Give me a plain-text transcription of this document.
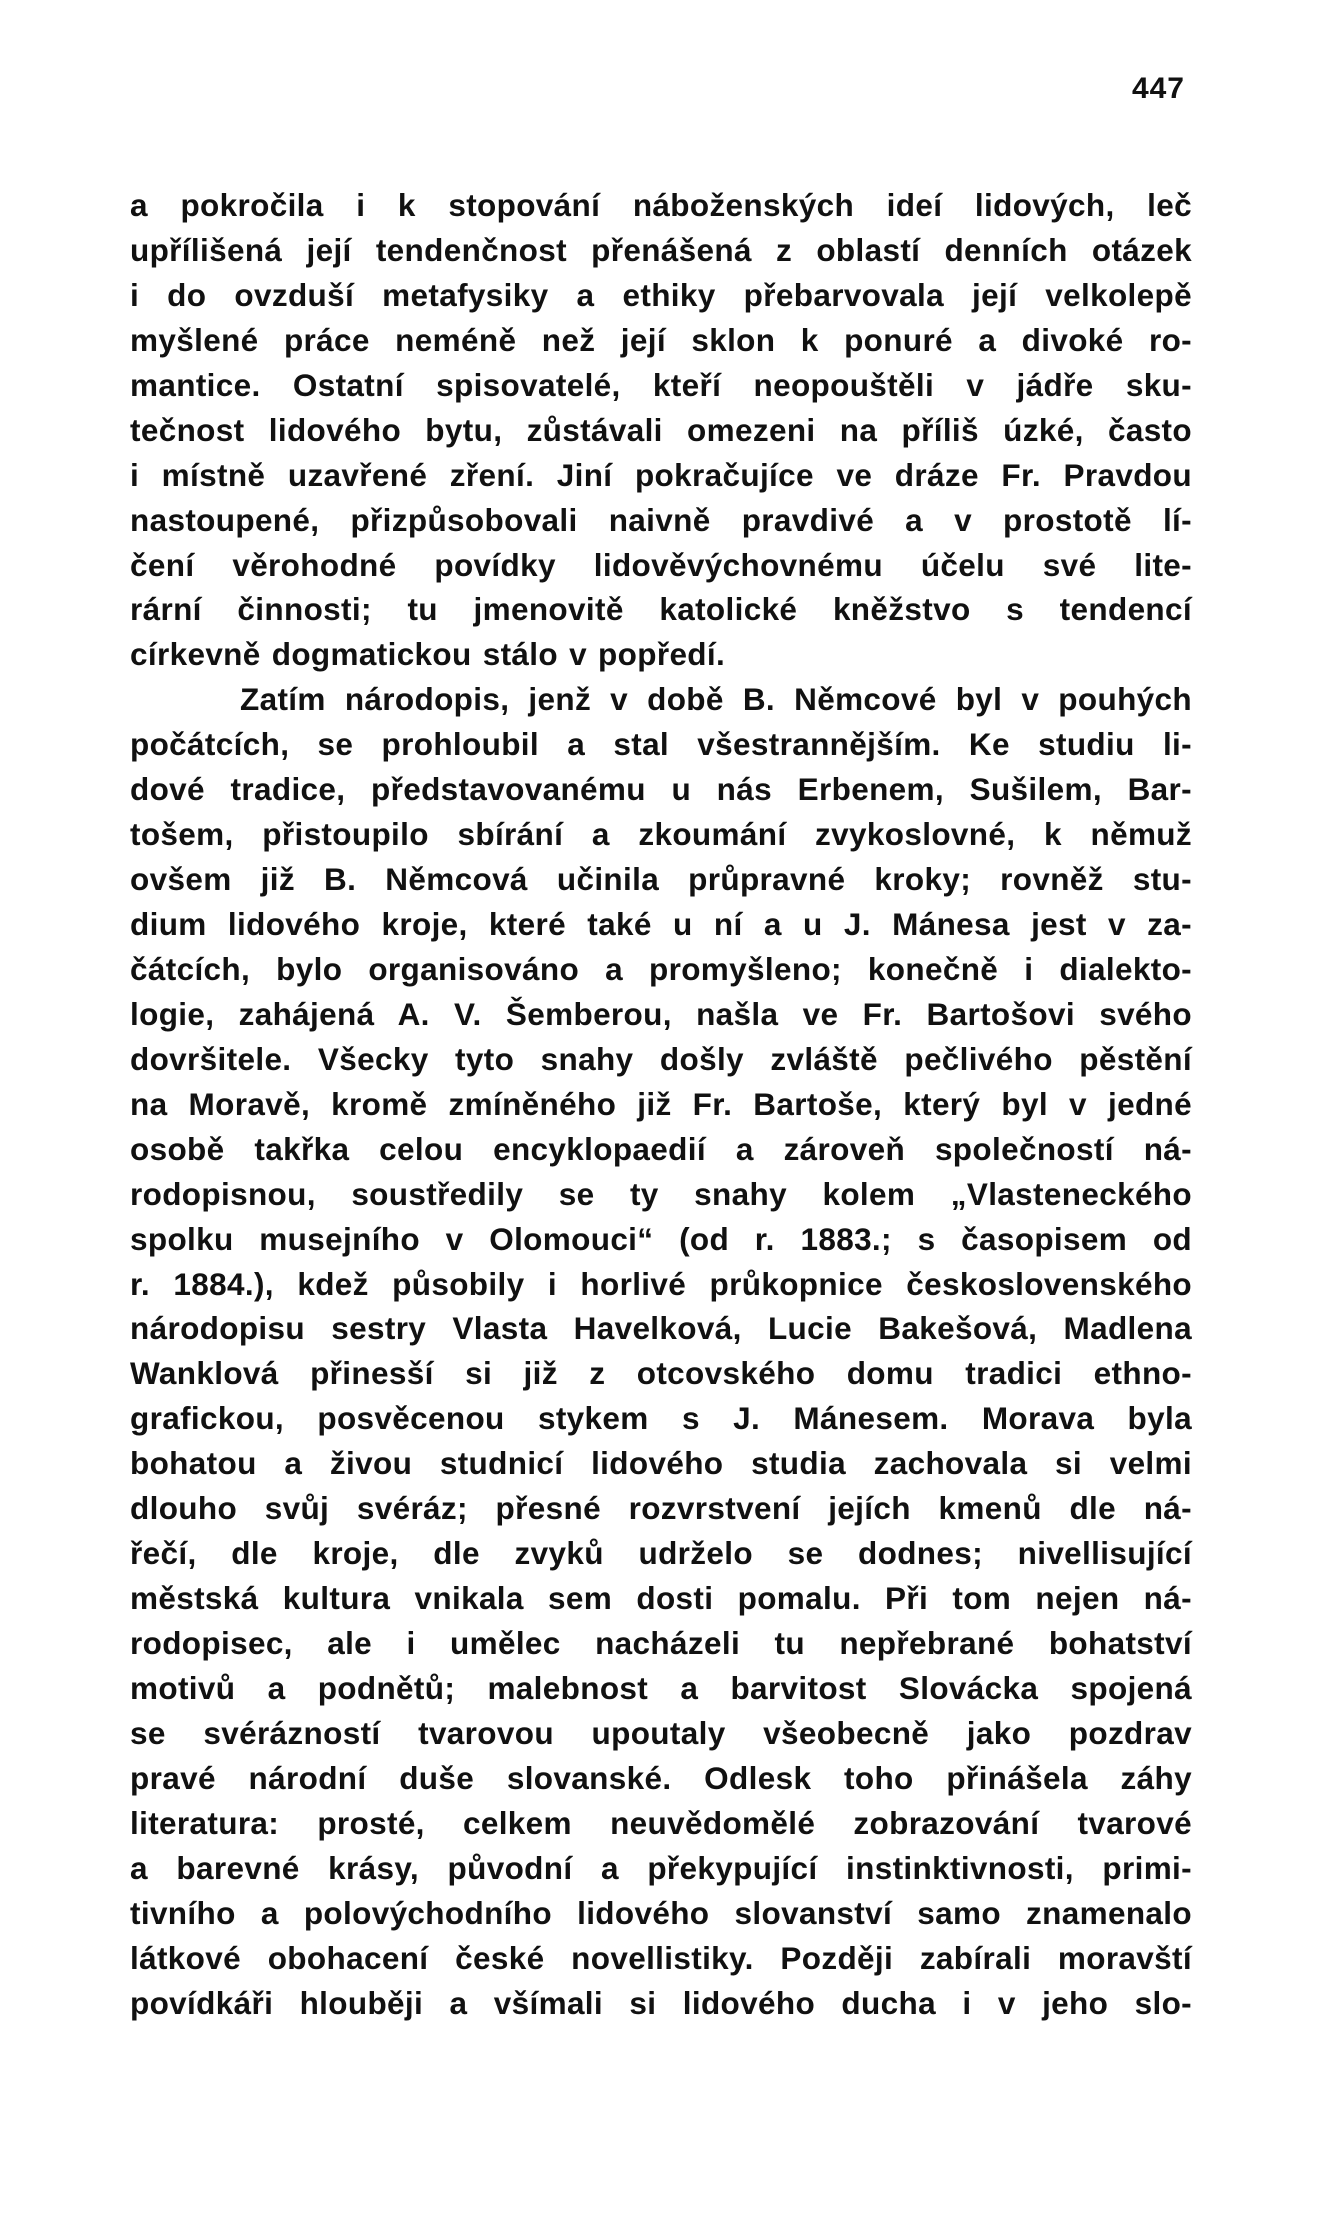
447
a pokročila i k stopování náboženských ideí lidových, leč
upřílišená její tendenčnost přenášená z oblastí denních otázek
i do ovzduší metafysiky a ethiky přebarvovala její velkolepě
myšlené práce neméně než její sklon k ponuré a divoké ro-
mantice. Ostatní spisovatelé, kteří neopouštěli v jádře sku-
tečnost lidového bytu, zůstávali omezeni na příliš úzké, často
i místně uzavřené zření. Jiní pokračujíce ve dráze Fr. Pravdou
nastoupené, přizpůsobovali naivně pravdivé a v prostotě lí-
čení věrohodné povídky lidověvýchovnému účelu své lite-
rární činnosti; tu jmenovitě katolické kněžstvo s tendencí
církevně dogmatickou stálo v popředí.
Zatím národopis, jenž v době B. Němcové byl v pouhých
počátcích, se prohloubil a stal všestrannějším. Ke studiu li-
dové tradice, představovanému u nás Erbenem, Sušilem, Bar-
tošem, přistoupilo sbírání a zkoumání zvykoslovné, k němuž
ovšem již B. Němcová učinila průpravné kroky; rovněž stu-
dium lidového kroje, které také u ní a u J. Mánesa jest v za-
čátcích, bylo organisováno a promyšleno; konečně i dialekto-
logie, zahájená A. V. Šemberou, našla ve Fr. Bartošovi svého
dovršitele. Všecky tyto snahy došly zvláště pečlivého pěstění
na Moravě, kromě zmíněného již Fr. Bartoše, který byl v jedné
osobě takřka celou encyklopaedií a zároveň společností ná-
rodopisnou, soustředily se ty snahy kolem „Vlasteneckého
spolku musejního v Olomouci“ (od r. 1883.; s časopisem od
r. 1884.), kdež působily i horlivé průkopnice československého
národopisu sestry Vlasta Havelková, Lucie Bakešová, Madlena
Wanklová přinesší si již z otcovského domu tradici ethno-
grafickou, posvěcenou stykem s J. Mánesem. Morava byla
bohatou a živou studnicí lidového studia zachovala si velmi
dlouho svůj svéráz; přesné rozvrstvení jejích kmenů dle ná-
řečí, dle kroje, dle zvyků udrželo se dodnes; nivellisující
městská kultura vnikala sem dosti pomalu. Při tom nejen ná-
rodopisec, ale i umělec nacházeli tu nepřebrané bohatství
motivů a podnětů; malebnost a barvitost Slovácka spojená
se svérázností tvarovou upoutaly všeobecně jako pozdrav
pravé národní duše slovanské. Odlesk toho přinášela záhy
literatura: prosté, celkem neuvědomělé zobrazování tvarové
a barevné krásy, původní a překypující instinktivnosti, primi-
tivního a polovýchodního lidového slovanství samo znamenalo
látkové obohacení české novellistiky. Později zabírali moravští
povídkáři hlouběji a všímali si lidového ducha i v jeho slo-
